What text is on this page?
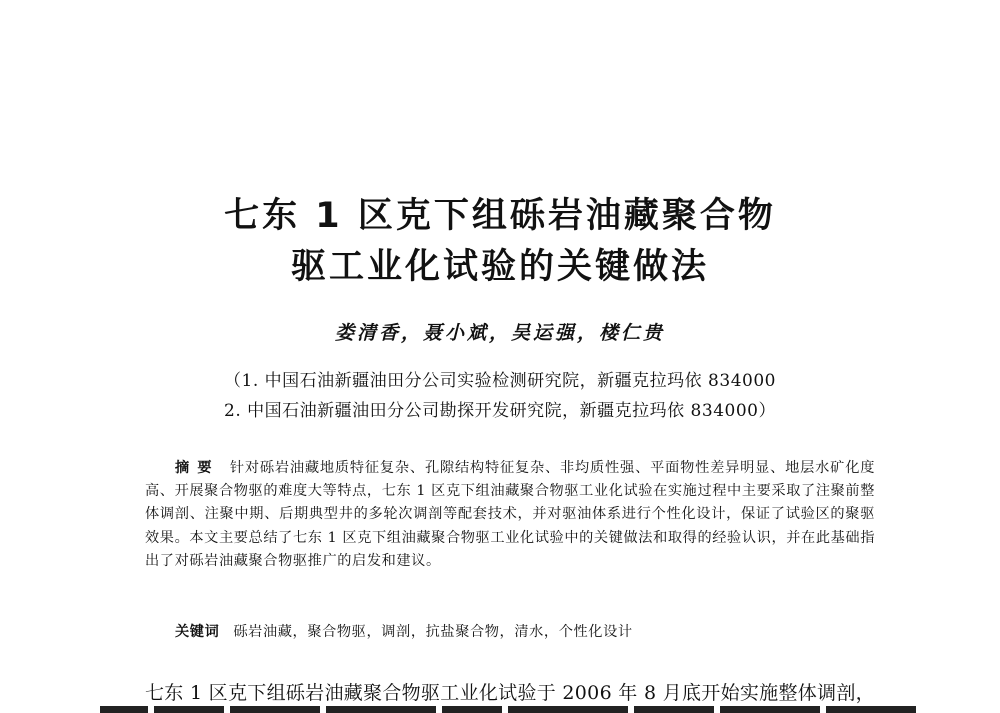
七东 1 区克下组砾岩油藏聚合物
驱工业化试验的关键做法
娄清香，聂小斌，吴运强，楼仁贵
（1. 中国石油新疆油田分公司实验检测研究院，新疆克拉玛依 834000
2. 中国石油新疆油田分公司勘探开发研究院，新疆克拉玛依 834000）
摘要 针对砾岩油藏地质特征复杂、孔隙结构特征复杂、非均质性强、平面物性差异明显、地层水矿化度高、开展聚合物驱的难度大等特点，七东 1 区克下组油藏聚合物驱工业化试验在实施过程中主要采取了注聚前整体调剖、注聚中期、后期典型井的多轮次调剖等配套技术，并对驱油体系进行个性化设计，保证了试验区的聚驱效果。本文主要总结了七东 1 区克下组油藏聚合物驱工业化试验中的关键做法和取得的经验认识，并在此基础指出了对砾岩油藏聚合物驱推广的启发和建议。
关键词 砾岩油藏，聚合物驱，调剖，抗盐聚合物，清水，个性化设计
七东 1 区克下组砾岩油藏聚合物驱工业化试验于 2006 年 8 月底开始实施整体调剖，
